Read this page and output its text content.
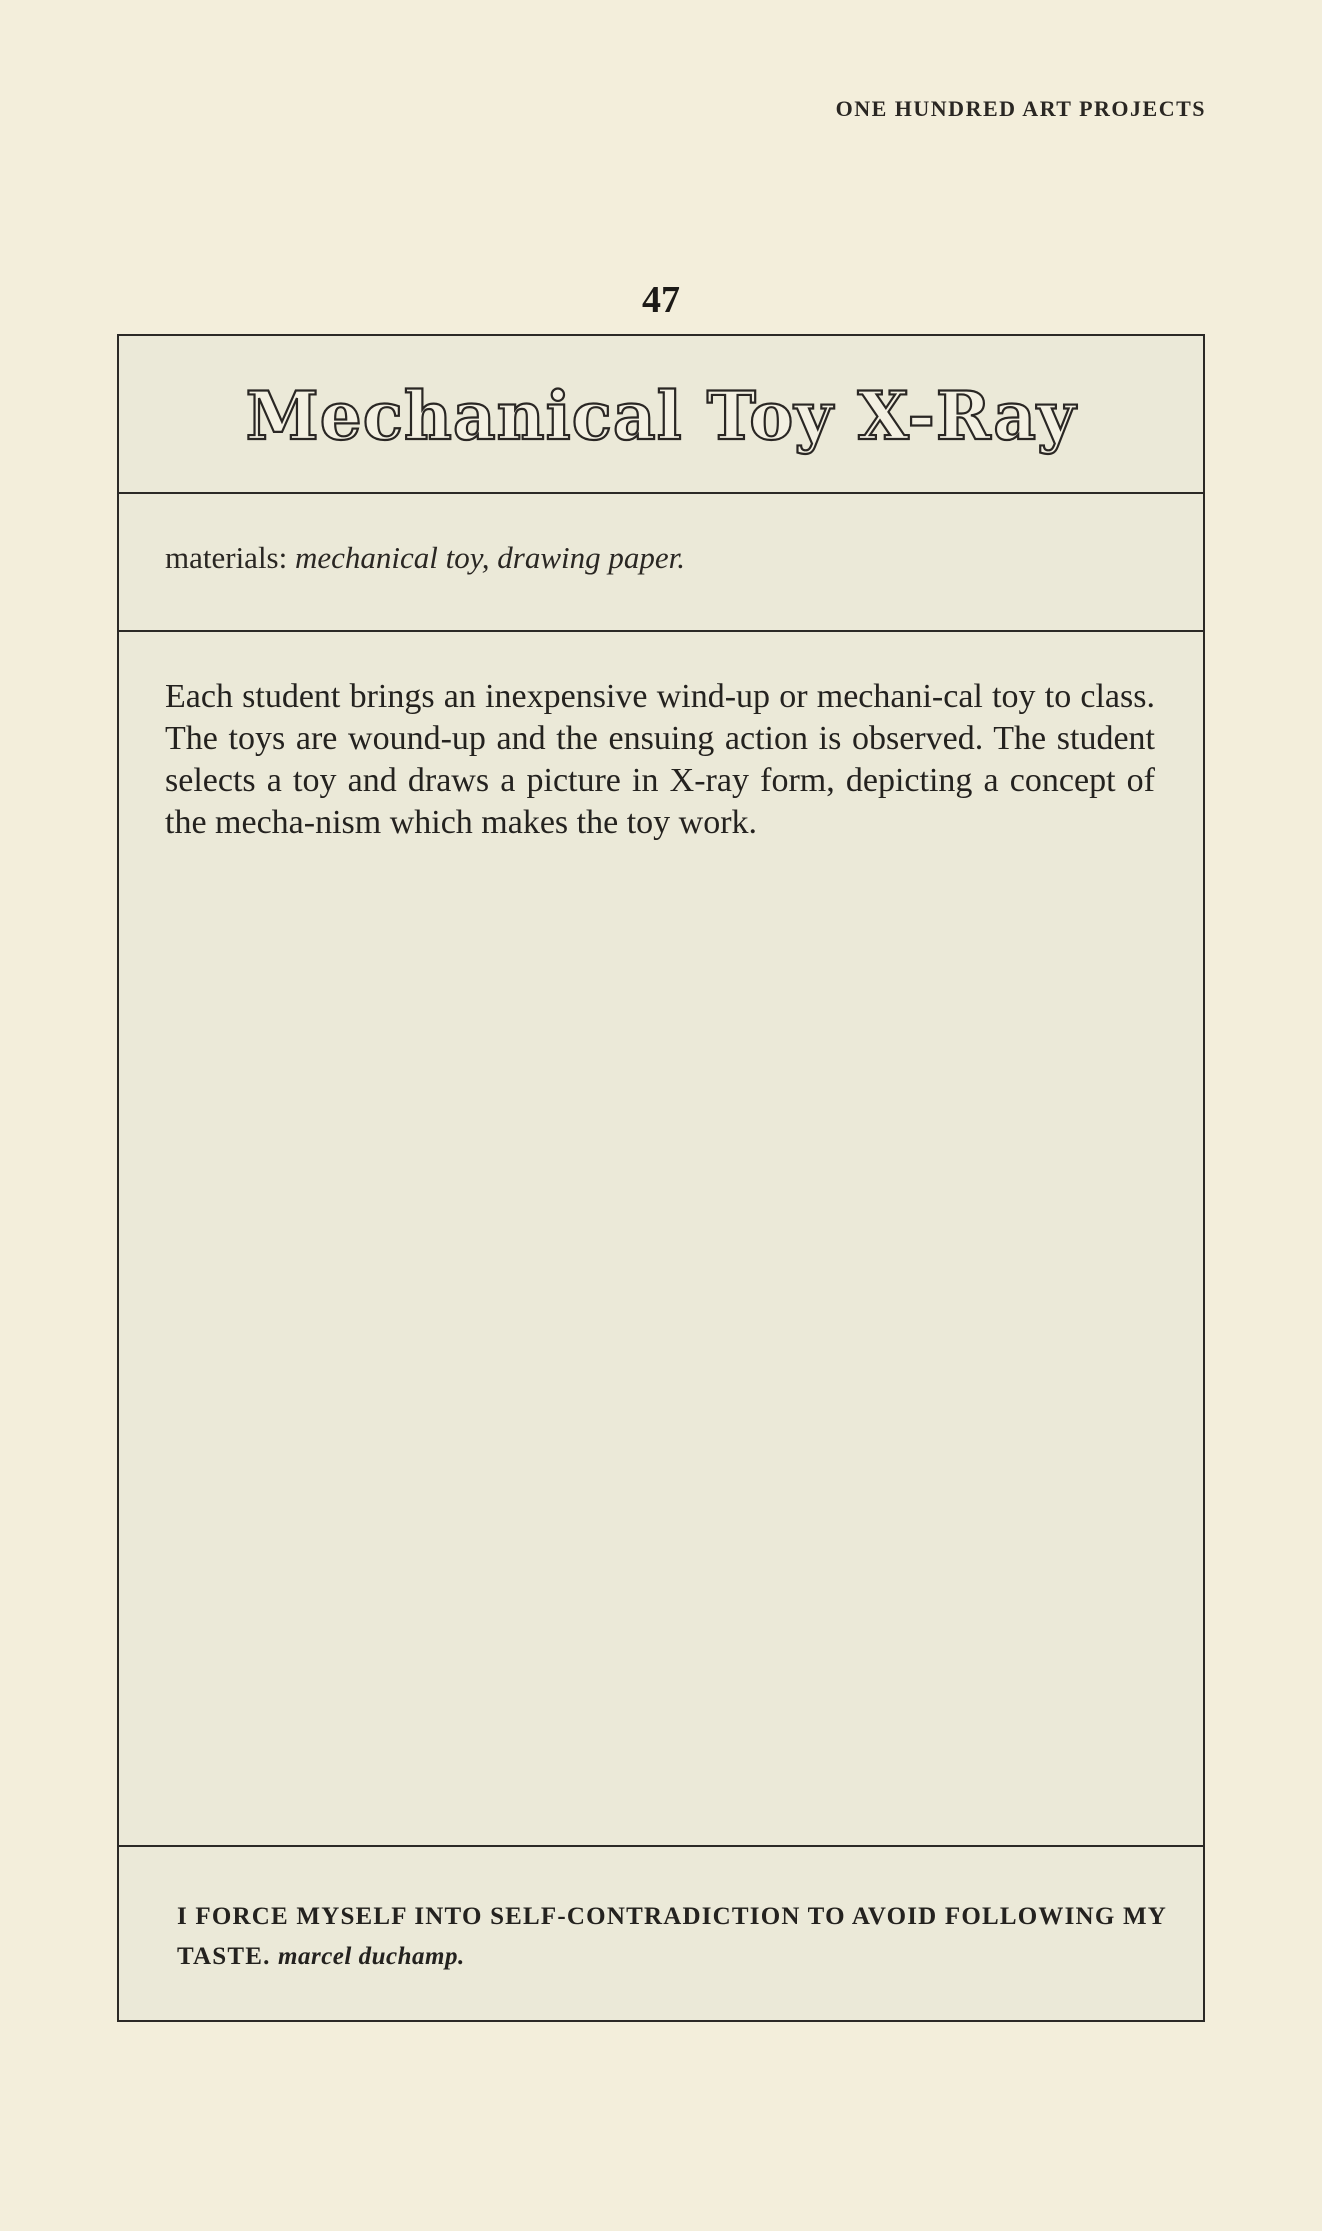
ONE HUNDRED ART PROJECTS
47
Mechanical Toy X-Ray
materials: mechanical toy, drawing paper.

Each student brings an inexpensive wind-up or mechani-cal toy to class. The toys are wound-up and the ensuing action is observed. The student selects a toy and draws a picture in X-ray form, depicting a concept of the mecha-nism which makes the toy work.

I FORCE MYSELF INTO SELF-CONTRADICTION TO AVOID FOLLOWING MY TASTE. marcel duchamp.
